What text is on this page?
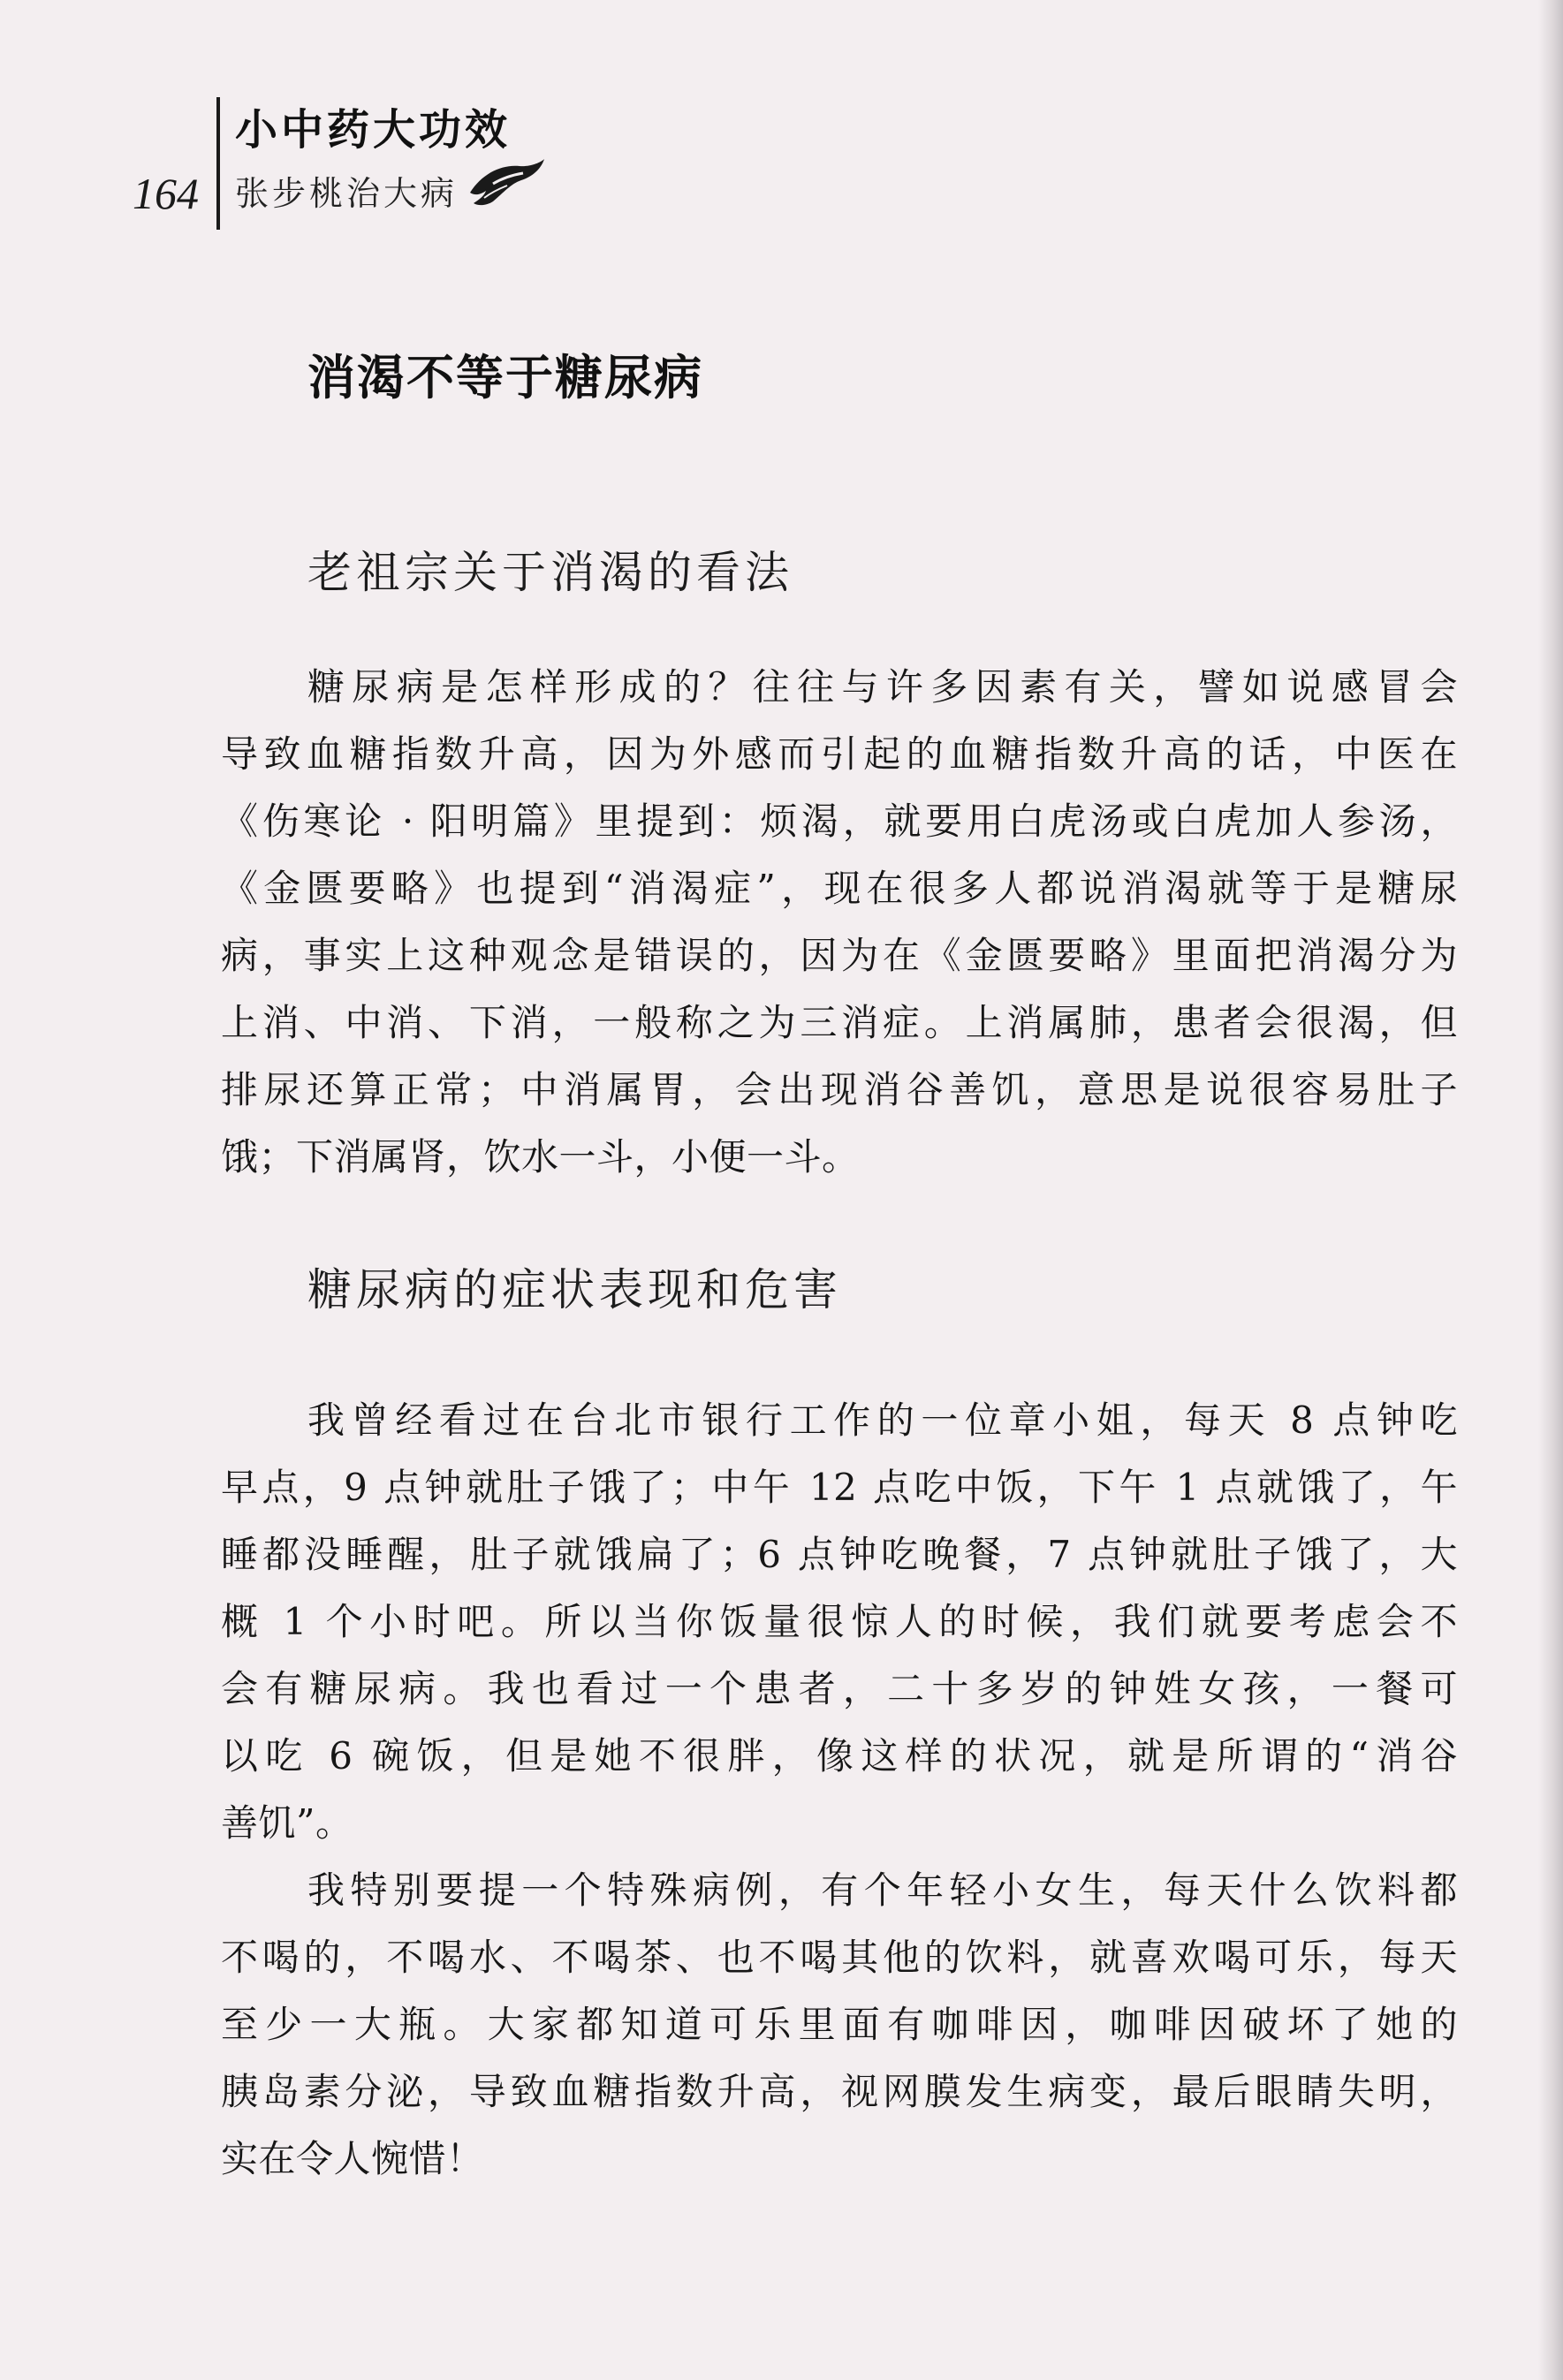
164
小中药大功效
张步桃治大病
消渴不等于糖尿病
老祖宗关于消渴的看法
糖尿病是怎样形成的？往往与许多因素有关，譬如说感冒会
导致血糖指数升高，因为外感而引起的血糖指数升高的话，中医在
《伤寒论 · 阳明篇》里提到：烦渴，就要用白虎汤或白虎加人参汤，
《金匮要略》也提到“消渴症”，现在很多人都说消渴就等于是糖尿
病，事实上这种观念是错误的，因为在《金匮要略》里面把消渴分为
上消、中消、下消，一般称之为三消症。上消属肺，患者会很渴，但
排尿还算正常；中消属胃，会出现消谷善饥，意思是说很容易肚子
饿；下消属肾，饮水一斗，小便一斗。
糖尿病的症状表现和危害
我曾经看过在台北市银行工作的一位章小姐，每天 8 点钟吃
早点，9 点钟就肚子饿了；中午 12 点吃中饭，下午 1 点就饿了，午
睡都没睡醒，肚子就饿扁了；6 点钟吃晚餐，7 点钟就肚子饿了，大
概 1 个小时吧。所以当你饭量很惊人的时候，我们就要考虑会不
会有糖尿病。我也看过一个患者，二十多岁的钟姓女孩，一餐可
以吃 6 碗饭，但是她不很胖，像这样的状况，就是所谓的“消谷
善饥”。
我特别要提一个特殊病例，有个年轻小女生，每天什么饮料都
不喝的，不喝水、不喝茶、也不喝其他的饮料，就喜欢喝可乐，每天
至少一大瓶。大家都知道可乐里面有咖啡因，咖啡因破坏了她的
胰岛素分泌，导致血糖指数升高，视网膜发生病变，最后眼睛失明，
实在令人惋惜！
